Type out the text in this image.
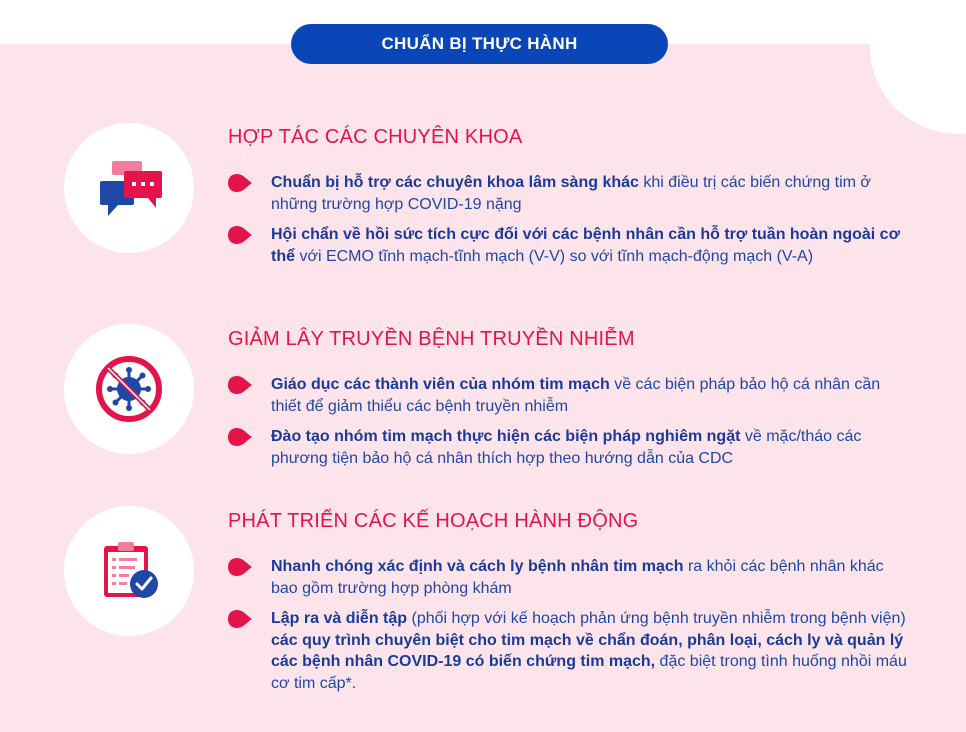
CHUẨN BỊ THỰC HÀNH
HỢP TÁC CÁC CHUYÊN KHOA
Chuẩn bị hỗ trợ các chuyên khoa lâm sàng khác khi điều trị các biến chứng tim ở những trường hợp COVID-19 nặng
Hội chẩn về hồi sức tích cực đối với các bệnh nhân cần hỗ trợ tuần hoàn ngoài cơ thể với ECMO tĩnh mạch-tĩnh mạch (V-V) so với tĩnh mạch-động mạch (V-A)
GIẢM LÂY TRUYỀN BỆNH TRUYỀN NHIỄM
Giáo dục các thành viên của nhóm tim mạch về các biện pháp bảo hộ cá nhân cần thiết để giảm thiểu các bệnh truyền nhiễm
Đào tạo nhóm tim mạch thực hiện các biện pháp nghiêm ngặt về mặc/tháo các phương tiện bảo hộ cá nhân thích hợp theo hướng dẫn của CDC
PHÁT TRIỂN CÁC KẾ HOẠCH HÀNH ĐỘNG
Nhanh chóng xác định và cách ly bệnh nhân tim mạch ra khỏi các bệnh nhân khác bao gồm trường hợp phòng khám
Lập ra và diễn tập (phối hợp với kế hoạch phản ứng bệnh truyền nhiễm trong bệnh viện) các quy trình chuyên biệt cho tim mạch về chẩn đoán, phân loại, cách ly và quản lý các bệnh nhân COVID-19 có biến chứng tim mạch, đặc biệt trong tình huống nhồi máu cơ tim cấp*.
